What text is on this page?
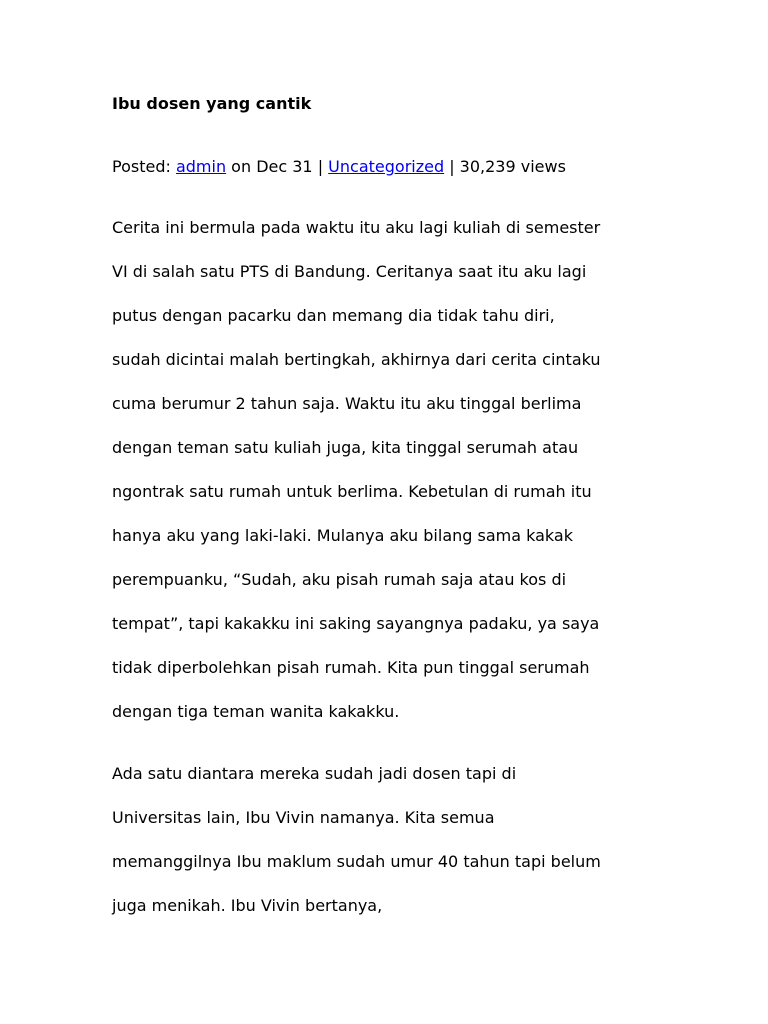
Ibu dosen yang cantik
Posted: admin on Dec 31 | Uncategorized | 30,239 views
Cerita ini bermula pada waktu itu aku lagi kuliah di semester
VI di salah satu PTS di Bandung. Ceritanya saat itu aku lagi
putus dengan pacarku dan memang dia tidak tahu diri,
sudah dicintai malah bertingkah, akhirnya dari cerita cintaku
cuma berumur 2 tahun saja. Waktu itu aku tinggal berlima
dengan teman satu kuliah juga, kita tinggal serumah atau
ngontrak satu rumah untuk berlima. Kebetulan di rumah itu
hanya aku yang laki-laki. Mulanya aku bilang sama kakak
perempuanku, “Sudah, aku pisah rumah saja atau kos di
tempat”, tapi kakakku ini saking sayangnya padaku, ya saya
tidak diperbolehkan pisah rumah. Kita pun tinggal serumah
dengan tiga teman wanita kakakku.
Ada satu diantara mereka sudah jadi dosen tapi di
Universitas lain, Ibu Vivin namanya. Kita semua
memanggilnya Ibu maklum sudah umur 40 tahun tapi belum
juga menikah. Ibu Vivin bertanya,
